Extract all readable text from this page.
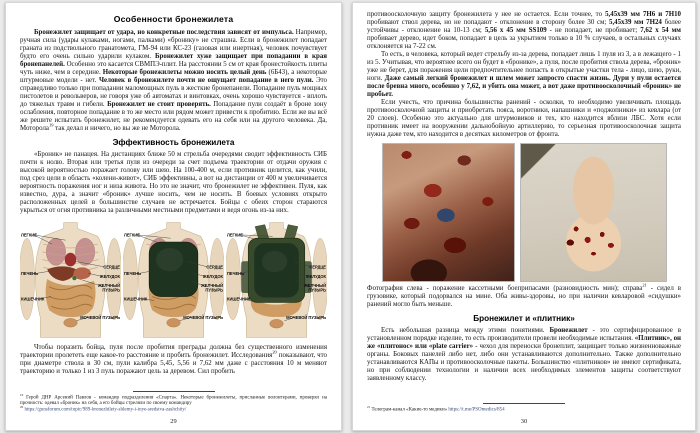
Особенности бронежилета

Бронежилет защищает от удара, но конкретные последствия зависят от импульса. Например, ручная сила (удары кулаками, ногами, палками) «бронику» не страшна. Если в бронежилет попадает граната из подствольного гранатомета, ГМ-94 или КС-23 (газовая или инертная), человек почувствует будто его очень сильно ударили кулаком. Бронежилет хуже защищает при попадании в края бронепанелей. Особенно это касается СВМПЭ-плит. На расстоянии 5 см от края бронестойкость плиты чуть ниже, чем в середине. Некоторые бронежилеты можно носить целый день (6Б43), а некоторые штурмовые модели - нет. Человек в бронежилете почти не ощущает попадание в него пули. Это справедливо только при попадании маломощных пуль в жесткие бронепанели. Попадание пуль мощных пистолетов и револьверов, не говоря уже об автоматах и винтовках, очень хорошо чувствуется - вплоть до тяжелых травм и гибели. Бронежилет не стоит проверять. Попадание пули создаёт в броне зону ослабления, повторное попадание в то же место или рядом может привести к пробитию. Если же вы всё же решите испытать бронежилет, не рекомендуется одевать его на себя или на другого человека. Да, Моторола$^{19}$ так делал и ничего, но вы же не Моторола.

Эффективность бронежилета

«Броник» не панацея. На дистанциях ближе 50 м стрельба очередями сводит эффективность СИБ почти к нолю. Вторая или третья пуля из очереди за счет подъема траектории от отдачи оружия с высокой вероятностью поражает голову или шею. На 100-400 м, если противник целится, как учили, под срез цели в область «колени-живот», СИБ эффективны, а вот на дистанции от 400 м увеличивается вероятность поражения ног и низа живота. Но это не значит, что бронежилет не эффективен. Пуля, как известно, дура, а значит «броник» лучше носить, чем не носить. В боевых условиях открыто расположенных целей в большинстве случаев не встречается. Бойцы с обеих сторон стараются укрыться от огня противника за различными местными предметами и ведя огонь из-за них.

ЛЕГКИЕ
ПЕЧЕНЬ
КИШЕЧНИК
СЕРДЦЕ
ЖЕЛУДОК
ЖЕЛЧНЫЙ
ПУЗЫРЬ
МОЧЕВОЙ ПУЗЫРЬ
ЛЕГКИЕ
ПЕЧЕНЬ
КИШЕЧНИК
СЕРДЦЕ
ЖЕЛУДОК
ЖЕЛЧНЫЙ
ПУЗЫРЬ
МОЧЕВОЙ ПУЗЫРЬ
ЛЕГКИЕ
ПЕЧЕНЬ
КИШЕЧНИК
СЕРДЦЕ
ЖЕЛУДОК
ЖЕЛЧНЫЙ
ПУЗЫРЬ
МОЧЕВОЙ ПУЗЫРЬ

Чтобы поразить бойца, пуля после пробития преграды должна без существенного изменения траектории пролететь еще какое-то расстояние и пробить бронежилет. Исследования$^{20}$ показывают, что при диаметре ствола в 30 см, пули калибра 5,45, 5,56 и 7,62 мм даже с расстояния 10 м меняют траекторию и только 1 из 3 пуль поражают цель за деревом. Сил пробить

$^{19}$ Герой ДНР Арсений Павлов - командир подразделения «Спарта». Некоторые бронежилеты, присланные волонтерами, проверял на прочность: одевал «броник» на себя, а его бойцы стреляли по своему командиру

$^{20}$ https://gunsforum.com/topic/989-bronezhilety-shlemy-i-inye-sredstva-zashchity/

29

противоосколочную защиту бронежилета у нее не остается. Если точнее, то 5,45х39 мм 7Н6 и 7Н10 пробивают ствол дерева, но не попадают - отклонение в сторону более 30 см; 5,45х39 мм 7Н24 более устойчивы - отклонение на 10-13 см; 5,56 х 45 мм SS109 - не попадает, не пробивает; 7,62 х 54 мм пробивает дерево, идет боком, попадает в цель за укрытием только в 10 % случаев, в остальных случаях отклоняется на 7-22 см.

То есть, в человека, который ведет стрельбу из-за дерева, попадает лишь 1 пуля из 3, а в лежащего - 1 из 5. Учитывая, что вероятнее всего он будет в «бронике», а пуля, после пробития ствола дерева, «броник» уже не берет, для поражения цели предпочтительнее попасть в открытые участки тела - лицо, шею, руки, ноги. Даже самый легкий бронежилет и шлем может запросто спасти жизнь. Дури у пули остается после бревна много, особенно у 7,62, и убить она может, а вот даже противоосколочный «броник» не пробьет.

Если учесть, что причина большинства ранений - осколки, то необходимо увеличивать площадь противоосколочной защиты и приобретать пояса, воротники, напашники и «поджопники» из кевлара (от 20 слоев). Особенно это актуально для штурмовиков и тех, кто находится вблизи ЛБС. Хотя если противник имеет на вооружении дальнобойную артиллерию, то серьезная противоосколочная защита нужна даже тем, кто находится в десятках километров от фронта.

Фотография слева - поражение кассетными боеприпасами (разновидность мин); справа$^{21}$ - сидел в грузовике, который подорвался на мине. Оба живы-здоровы, но при наличии кевларовой «сидушки» ранений могло быть меньше.

Бронежилет и «плитник»

Есть небольшая разница между этими понятиями. Бронежилет - это сертифицированное в установленном порядке изделие, то есть производители провели необходимые испытания. «Плитник», он же «плитонос» или «plate carrier» - чехол для переноски бронеплит, защищает только жизненноважные органы. Боковых панелей либо нет, либо они устанавливаются дополнительно. Также дополнительно устанавливаются КАПы и противоосколочные пакеты. Большинство «плитников» не имеют сертификата, но при соблюдении технологии и наличии всех необходимых элементов защиты соответствуют заявленному классу.

$^{21}$ Телеграм-канал «Какие-то медики» https://t.me/PSOmedics/854

30
